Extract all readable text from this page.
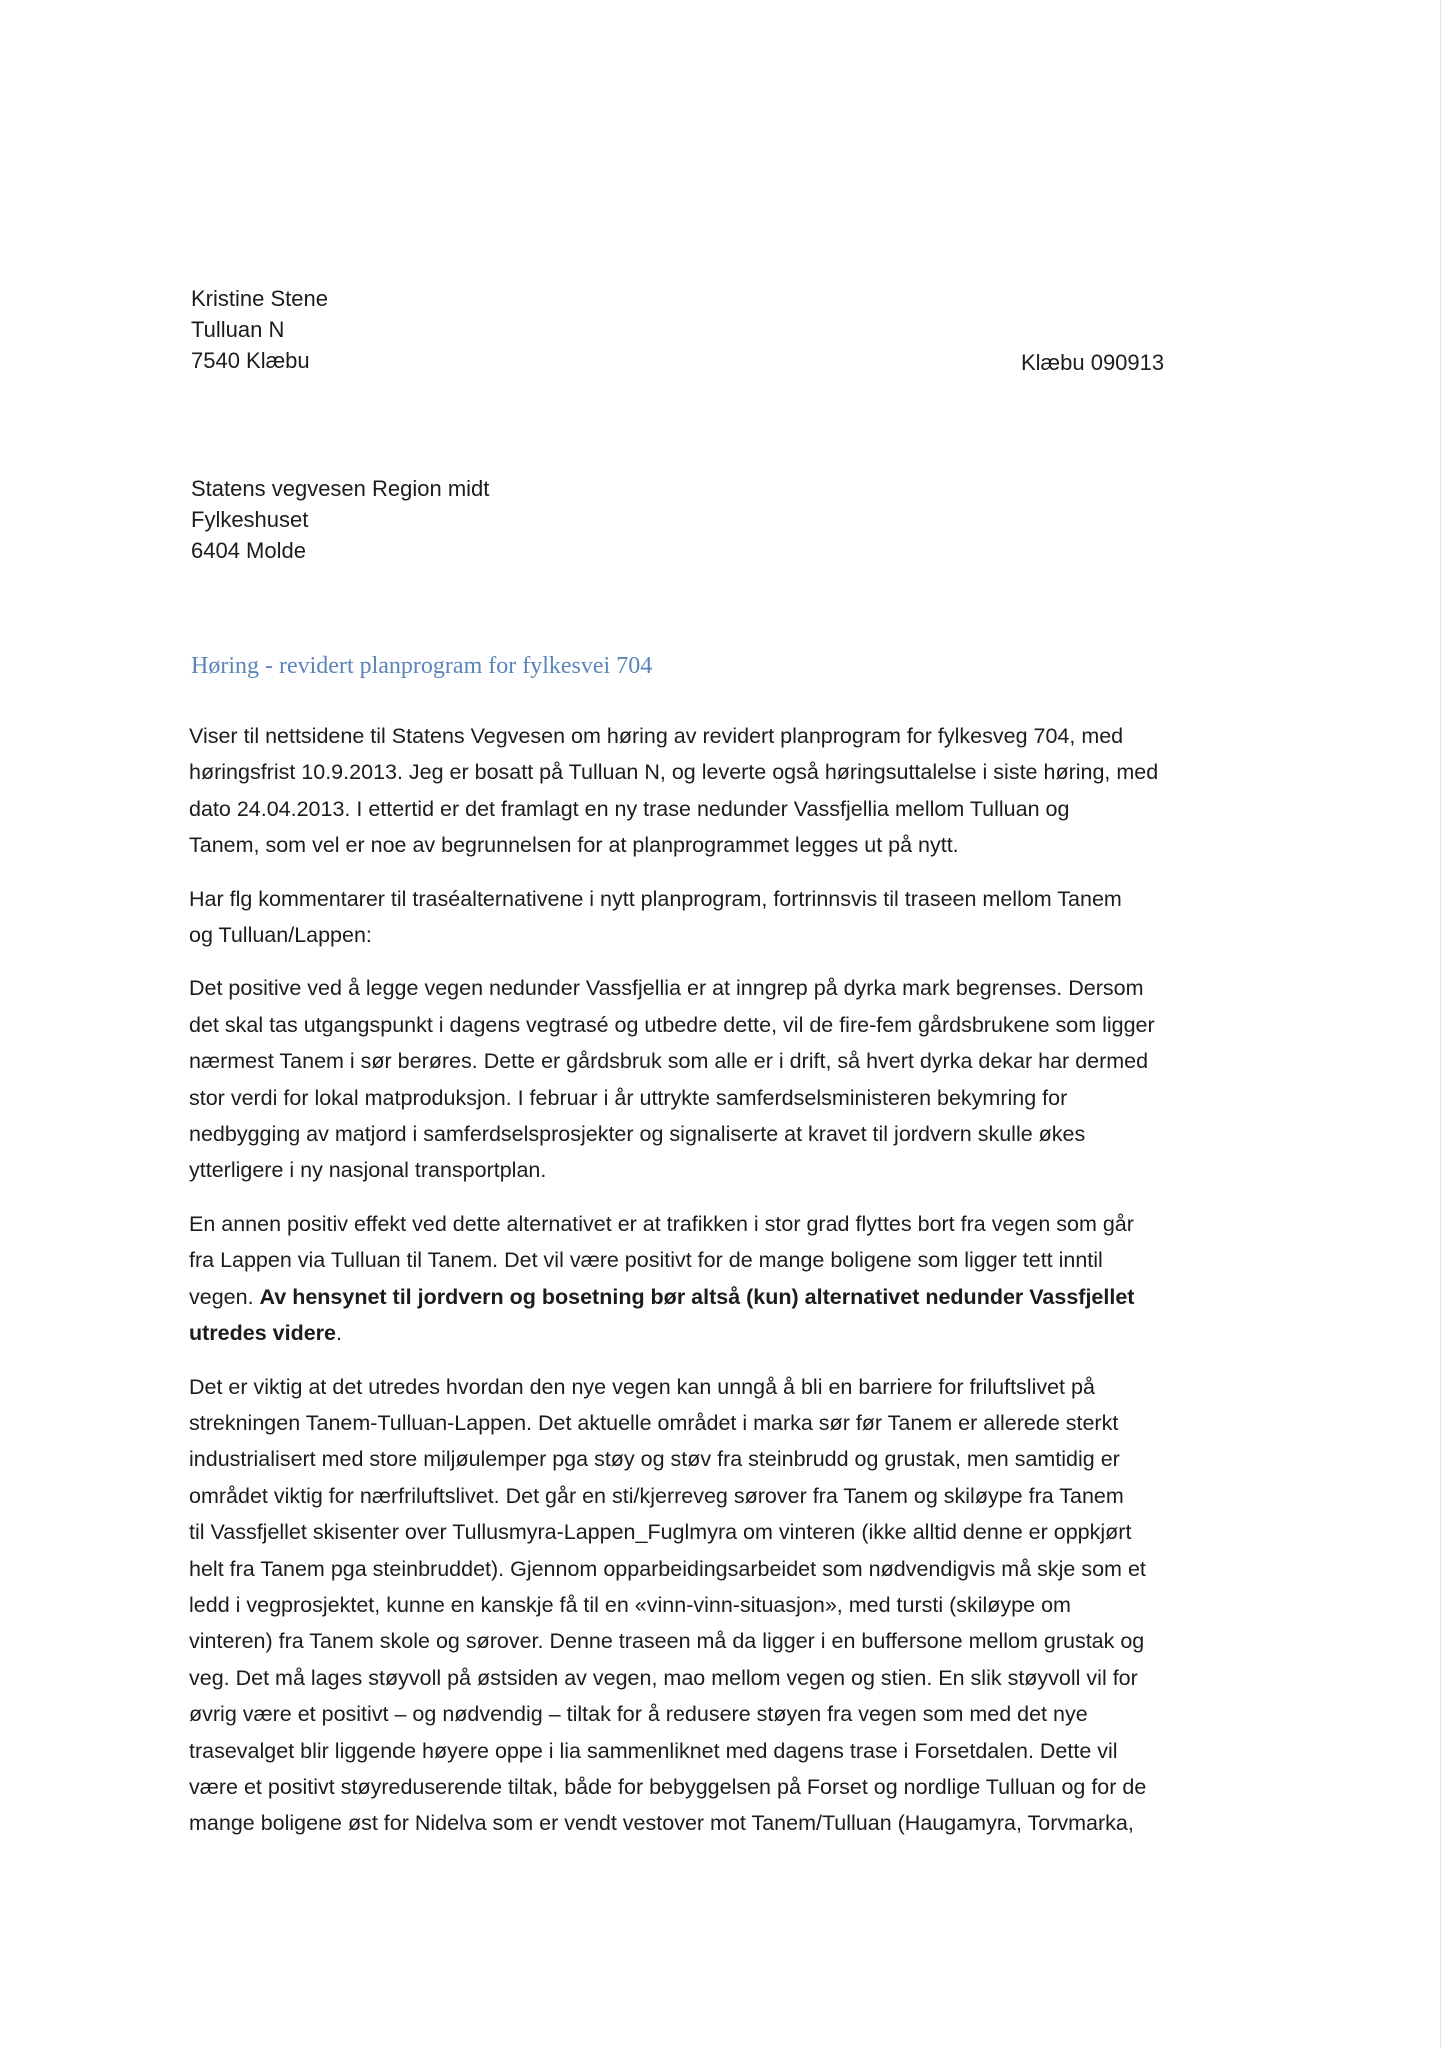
Kristine Stene
Tulluan N
7540 Klæbu	Klæbu 090913
Statens vegvesen Region midt
Fylkeshuset
6404 Molde
Høring - revidert planprogram for fylkesvei 704

Viser til nettsidene til Statens Vegvesen om høring av revidert planprogram for fylkesveg 704, med
høringsfrist 10.9.2013. Jeg er bosatt på Tulluan N, og leverte også høringsuttalelse i siste høring, med
dato 24.04.2013. I ettertid er det framlagt en ny trase nedunder Vassfjellia mellom Tulluan og
Tanem, som vel er noe av begrunnelsen for at planprogrammet legges ut på nytt.

Har flg kommentarer til traséalternativene i nytt planprogram, fortrinnsvis til traseen mellom Tanem
og Tulluan/Lappen:

Det positive ved å legge vegen nedunder Vassfjellia er at inngrep på dyrka mark begrenses. Dersom
det skal tas utgangspunkt i dagens vegtrasé og utbedre dette, vil de fire-fem gårdsbrukene som ligger
nærmest Tanem i sør berøres. Dette er gårdsbruk som alle er i drift, så hvert dyrka dekar har dermed
stor verdi for lokal matproduksjon. I februar i år uttrykte samferdselsministeren bekymring for
nedbygging av matjord i samferdselsprosjekter og signaliserte at kravet til jordvern skulle økes
ytterligere i ny nasjonal transportplan.

En annen positiv effekt ved dette alternativet er at trafikken i stor grad flyttes bort fra vegen som går
fra Lappen via Tulluan til Tanem. Det vil være positivt for de mange boligene som ligger tett inntil
vegen. Av hensynet til jordvern og bosetning bør altså (kun) alternativet nedunder Vassfjellet
utredes videre.

Det er viktig at det utredes hvordan den nye vegen kan unngå å bli en barriere for friluftslivet på
strekningen Tanem-Tulluan-Lappen. Det aktuelle området i marka sør før Tanem er allerede sterkt
industrialisert med store miljøulemper pga støy og støv fra steinbrudd og grustak, men samtidig er
området viktig for nærfriluftslivet. Det går en sti/kjerreveg sørover fra Tanem og skiløype fra Tanem
til Vassfjellet skisenter over Tullusmyra-Lappen_Fuglmyra om vinteren (ikke alltid denne er oppkjørt
helt fra Tanem pga steinbruddet). Gjennom opparbeidingsarbeidet som nødvendigvis må skje som et
ledd i vegprosjektet, kunne en kanskje få til en «vinn-vinn-situasjon», med tursti (skiløype om
vinteren) fra Tanem skole og sørover. Denne traseen må da ligger i en buffersone mellom grustak og
veg. Det må lages støyvoll på østsiden av vegen, mao mellom vegen og stien. En slik støyvoll vil for
øvrig være et positivt – og nødvendig – tiltak for å redusere støyen fra vegen som med det nye
trasevalget blir liggende høyere oppe i lia sammenliknet med dagens trase i Forsetdalen. Dette vil
være et positivt støyreduserende tiltak, både for bebyggelsen på Forset og nordlige Tulluan og for de
mange boligene øst for Nidelva som er vendt vestover mot Tanem/Tulluan (Haugamyra, Torvmarka,
